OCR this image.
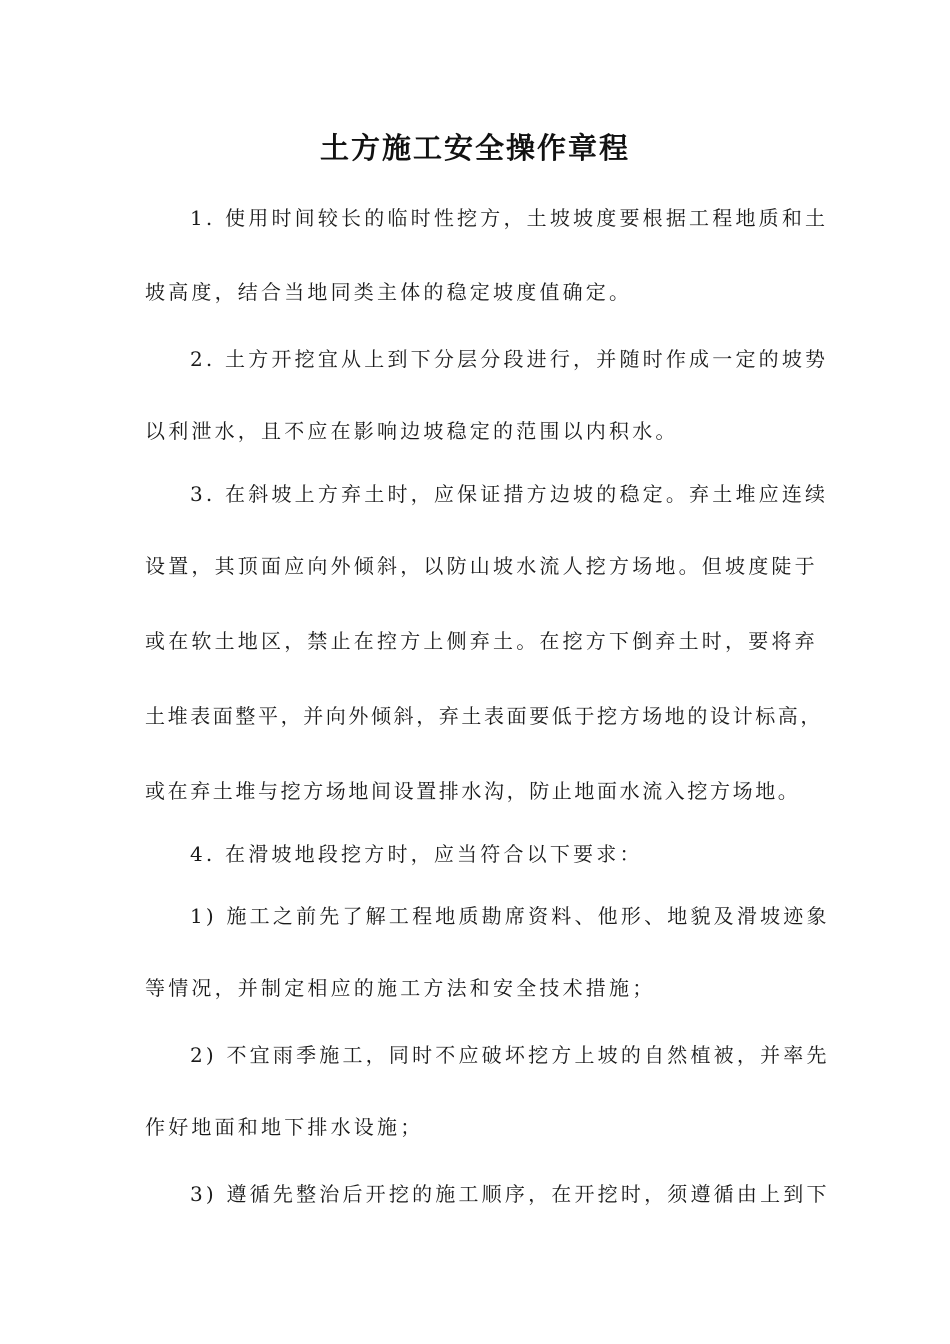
土方施工安全操作章程
1. 使用时间较长的临时性挖方，土坡坡度要根据工程地质和土
坡高度，结合当地同类主体的稳定坡度值确定。
2. 土方开挖宜从上到下分层分段进行，并随时作成一定的坡势
以利泄水，且不应在影响边坡稳定的范围以内积水。
3. 在斜坡上方弃土时，应保证措方边坡的稳定。弃土堆应连续
设置，其顶面应向外倾斜，以防山坡水流人挖方场地。但坡度陡于
或在软土地区，禁止在控方上侧弃土。在挖方下倒弃土时，要将弃
土堆表面整平，并向外倾斜，弃土表面要低于挖方场地的设计标高，
或在弃土堆与挖方场地间设置排水沟，防止地面水流入挖方场地。
4. 在滑坡地段挖方时，应当符合以下要求：
1) 施工之前先了解工程地质勘席资料、他形、地貌及滑坡迹象
等情况，并制定相应的施工方法和安全技术措施；
2) 不宜雨季施工，同时不应破坏挖方上坡的自然植被，并率先
作好地面和地下排水设施；
3) 遵循先整治后开挖的施工顺序，在开挖时，须遵循由上到下
